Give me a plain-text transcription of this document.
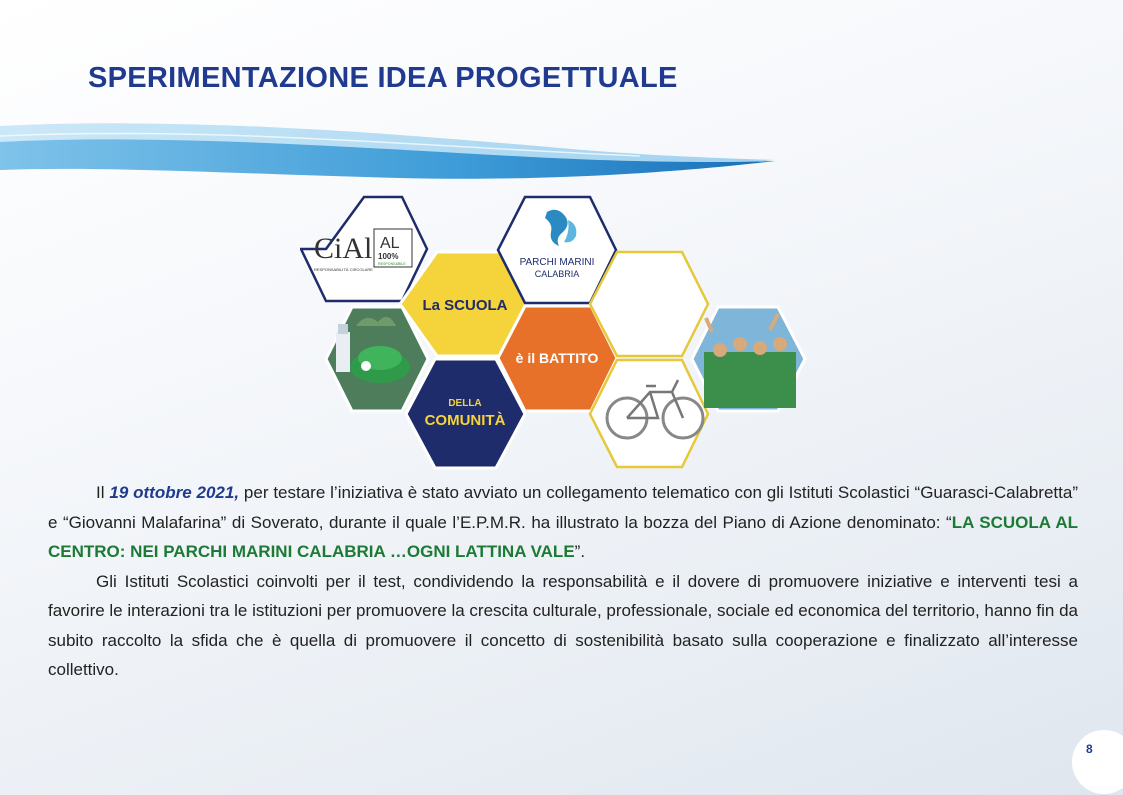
SPERIMENTAZIONE IDEA PROGETTUALE
CiAl
RESPONSABILITÀ CIRCOLARE
AL
100%
RESPONSABILE
La SCUOLA
DELLA
COMUNITÀ
PARCHI MARINI
CALABRIA
è il BATTITO

Il 19 ottobre 2021, per testare l’iniziativa è stato avviato un collegamento telematico con gli Istituti Scolastici “Guarasci-Calabretta” e “Giovanni Malafarina” di Soverato, durante il quale l’E.P.M.R. ha illustrato la bozza del Piano di Azione denominato: “LA SCUOLA AL CENTRO: NEI PARCHI MARINI CALABRIA …OGNI LATTINA VALE”.

Gli Istituti Scolastici coinvolti per il test, condividendo la responsabilità e il dovere di promuovere iniziative e interventi tesi a favorire le interazioni tra le istituzioni per promuovere la crescita culturale, professionale, sociale ed economica del territorio, hanno fin da subito raccolto la sfida che è quella di promuovere il concetto di sostenibilità basato sulla cooperazione e finalizzato all’interesse collettivo.

8
